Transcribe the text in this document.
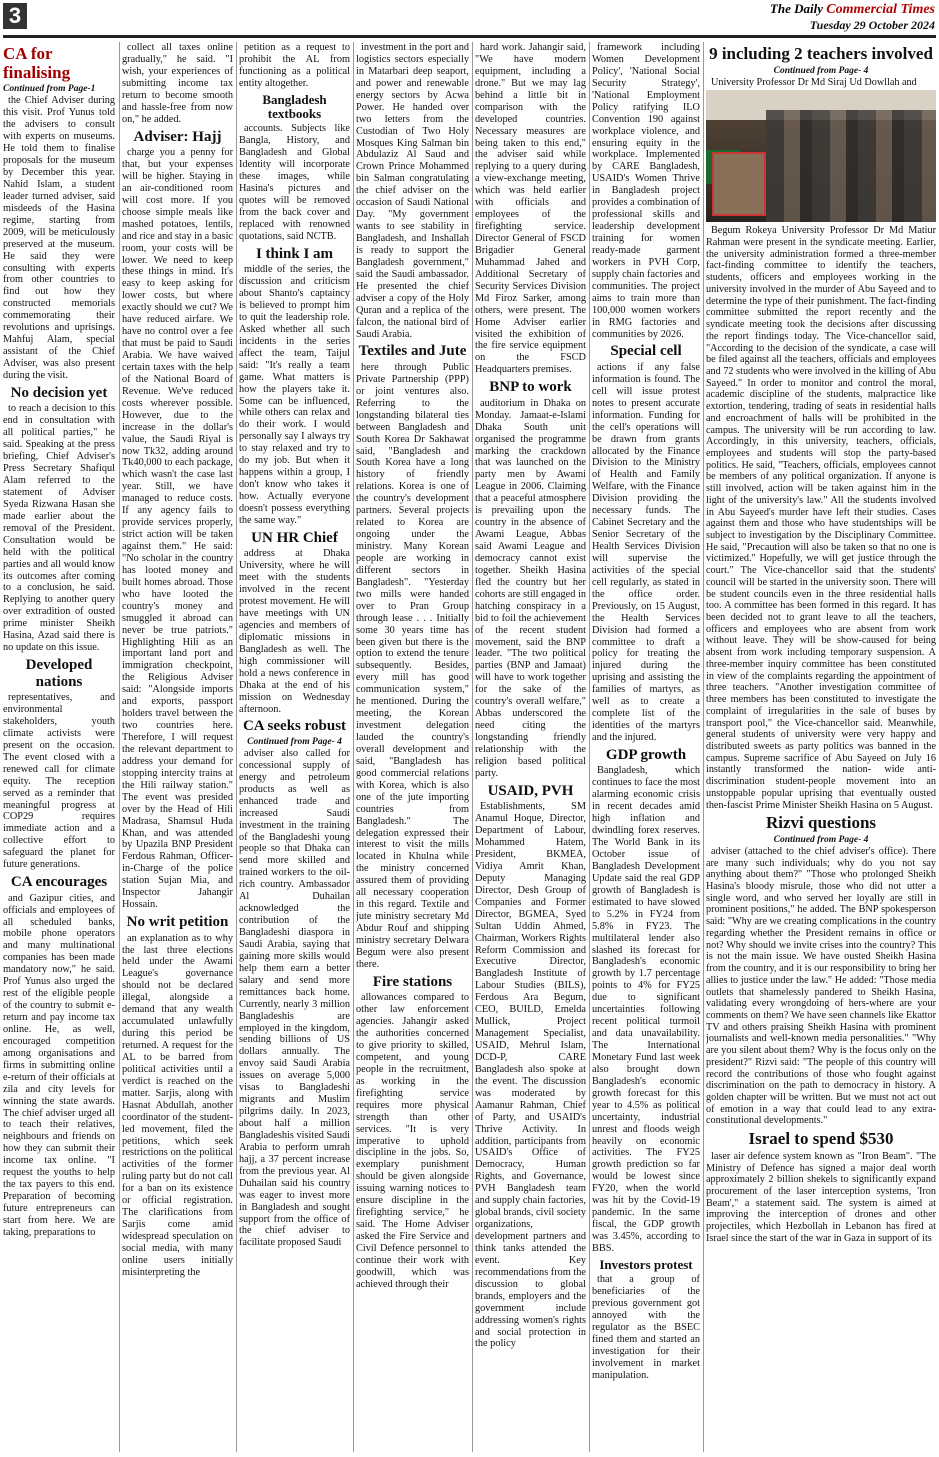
3	The Daily Commercial Times
Tuesday 29 October 2024
CA for finalising
Continued from Page-1

the Chief Adviser during this visit. Prof Yunus told the advisers to consult with experts on museums. He told them to finalise proposals for the museum by December this year. Nahid Islam, a student leader turned adviser, said misdeeds of the Hasina regime, starting from 2009, will be meticulously preserved at the museum. He said they were consulting with experts from other countries to find out how they constructed memorials commemorating their revolutions and uprisings. Mahfuj Alam, special assistant of the Chief Adviser, was also present during the visit.

No decision yet

to reach a decision to this end in consultation with all political parties," he said. Speaking at the press briefing, Chief Adviser's Press Secretary Shafiqul Alam referred to the statement of Adviser Syeda Rizwana Hasan she made earlier about the removal of the President. Consultation would be held with the political parties and all would know its outcomes after coming to a conclusion, he said. Replying to another query over extradition of ousted prime minister Sheikh Hasina, Azad said there is no update on this issue.

Developed nations

representatives, and environmental stakeholders, youth climate activists were present on the occasion. The event closed with a renewed call for climate equity. The reception served as a reminder that meaningful progress at COP29 requires immediate action and a collective effort to safeguard the planet for future generations.

CA encourages

and Gazipur cities, and officials and employees of all scheduled banks, mobile phone operators and many multinational companies has been made mandatory now," he said. Prof Yunus also urged the rest of the eligible people of the country to submit e-return and pay income tax online. He, as well, encouraged competition among organisations and firms in submitting online e-return of their officials at zila and city levels for winning the state awards. The chief adviser urged all to teach their relatives, neighbours and friends on how they can submit their income tax online. "I request the youths to help the tax payers to this end. Preparation of becoming future entrepreneurs can start from here. We are taking, preparations to

collect all taxes online gradually," he said. "I wish, your experiences of submitting income tax return to become smooth and hassle-free from now on," he added.

Adviser: Hajj

charge you a penny for that, but your expenses will be higher. Staying in an air-conditioned room will cost more. If you choose simple meals like mashed potatoes, lentils, and rice and stay in a basic room, your costs will be lower. We need to keep these things in mind. It's easy to keep asking for lower costs, but where exactly should we cut? We have reduced airfare. We have no control over a fee that must be paid to Saudi Arabia. We have waived certain taxes with the help of the National Board of Revenue. We've reduced costs wherever possible. However, due to the increase in the dollar's value, the Saudi Riyal is now Tk32, adding around Tk40,000 to each package, which wasn't the case last year. Still, we have managed to reduce costs. If any agency fails to provide services properly, strict action will be taken against them." He said: "No scholar in the country has looted money and built homes abroad. Those who have looted the country's money and smuggled it abroad can never be true patriots." Highlighting Hili as an important land port and immigration checkpoint, the Religious Adviser said: "Alongside imports and exports, passport holders travel between the two countries here. Therefore, I will request the relevant department to address your demand for stopping intercity trains at the Hili railway station." The event was presided over by the Head of Hili Madrasa, Shamsul Huda Khan, and was attended by Upazila BNP President Ferdous Rahman, Officer-in-Charge of the police station Sujan Mia, and Inspector Jahangir Hossain.

No writ petition

an explanation as to why the last three elections held under the Awami League's governance should not be declared illegal, alongside a demand that any wealth accumulated unlawfully during this period be returned. A request for the AL to be barred from political activities until a verdict is reached on the matter. Sarjis, along with Hasnat Abdullah, another coordinator of the student-led movement, filed the petitions, which seek restrictions on the political activities of the former ruling party but do not call for a ban on its existence or official registration. The clarifications from Sarjis come amid widespread speculation on social media, with many online users initially misinterpreting the

petition as a request to prohibit the AL from functioning as a political entity altogether.

Bangladesh textbooks

accounts. Subjects like Bangla, History, and Bangladesh and Global Identity will incorporate these images, while Hasina's pictures and quotes will be removed from the back cover and replaced with renowned quotations, said NCTB.

I think I am

middle of the series, the discussion and criticism about Shanto's captaincy is believed to prompt him to quit the leadership role. Asked whether all such incidents in the series affect the team, Taijul said: "It's really a team game. What matters is how the players take it. Some can be influenced, while others can relax and do their work. I would personally say I always try to stay relaxed and try to do my job. But when it happens within a group, I don't know who takes it how. Actually everyone doesn't possess everything the same way."

UN HR Chief

address at Dhaka University, where he will meet with the students involved in the recent protest movement. He will have meetings with UN agencies and members of diplomatic missions in Bangladesh as well. The high commissioner will hold a news conference in Dhaka at the end of his mission on Wednesday afternoon.

CA seeks robust
Continued from Page- 4

adviser also called for concessional supply of energy and petroleum products as well as enhanced trade and increased Saudi investment in the training of the Bangladeshi young people so that Dhaka can send more skilled and trained workers to the oil-rich country. Ambassador Al Duhailan acknowledged the contribution of the Bangladeshi diaspora in Saudi Arabia, saying that gaining more skills would help them earn a better salary and send more remittances back home. Currently, nearly 3 million Bangladeshis are employed in the kingdom, sending billions of US dollars annually. The envoy said Saudi Arabia issues on average 5,000 visas to Bangladeshi migrants and Muslim pilgrims daily. In 2023, about half a million Bangladeshis visited Saudi Arabia to perform umrah hajj, a 37 percent increase from the previous year. Al Duhailan said his country was eager to invest more in Bangladesh and sought support from the office of the chief adviser to facilitate proposed Saudi

investment in the port and logistics sectors especially in Matarbari deep seaport, and power and renewable energy sectors by Acwa Power. He handed over two letters from the Custodian of Two Holy Mosques King Salman bin Abdulaziz Al Saud and Crown Prince Mohammed bin Salman congratulating the chief adviser on the occasion of Saudi National Day. "My government wants to see stability in Bangladesh, and Inshallah is ready to support the Bangladesh government," said the Saudi ambassador. He presented the chief adviser a copy of the Holy Quran and a replica of the falcon, the national bird of Saudi Arabia.

Textiles and Jute

here through Public Private Partnership (PPP) or joint ventures also. Referring to the longstanding bilateral ties between Bangladesh and South Korea Dr Sakhawat said, "Bangladesh and South Korea have a long history of friendly relations. Korea is one of the country's development partners. Several projects related to Korea are ongoing under the ministry. Many Korean people are working in different sectors in Bangladesh". "Yesterday two mills were handed over to Pran Group through lease . . . Initially some 30 years time has been given but there is the option to extend the tenure subsequently. Besides, every mill has good communication system," he mentioned. During the meeting, the Korean investment delegation lauded the country's overall development and said, "Bangladesh has good commercial relations with Korea, which is also one of the jute importing countries from Bangladesh." The delegation expressed their interest to visit the mills located in Khulna while the ministry concerned assured them of providing all necessary cooperation in this regard. Textile and jute ministry secretary Md Abdur Rouf and shipping ministry secretary Delwara Begum were also present there.

Fire stations

allowances compared to other law enforcement agencies. Jahangir asked the authorities concerned to give priority to skilled, competent, and young people in the recruitment, as working in the firefighting service requires more physical strength than other services. "It is very imperative to uphold discipline in the jobs. So, exemplary punishment should be given alongside issuing warning notices to ensure discipline in the firefighting service," he said. The Home Adviser asked the Fire Service and Civil Defence personnel to continue their work with goodwill, which was achieved through their

hard work. Jahangir said, "We have modern equipment, including a drone." But we may lag behind a little bit in comparison with the developed countries. Necessary measures are being taken to this end," the adviser said while replying to a query during a view-exchange meeting, which was held earlier with officials and employees of the firefighting service. Director General of FSCD Brigadier General Muhammad Jahed and Additional Secretary of Security Services Division Md Firoz Sarker, among others, were present. The Home Adviser earlier visited the exhibition of the fire service equipment on the FSCD Headquarters premises.

BNP to work

auditorium in Dhaka on Monday. Jamaat-e-Islami Dhaka South unit organised the programme marking the crackdown that was launched on the party men by Awami League in 2006. Claiming that a peaceful atmosphere is prevailing upon the country in the absence of Awami League, Abbas said Awami League and democracy cannot exist together. Sheikh Hasina fled the country but her cohorts are still engaged in hatching conspiracy in a bid to foil the achievement of the recent student movement, said the BNP leader. "The two political parties (BNP and Jamaat) will have to work together for the sake of the country's overall welfare," Abbas underscored the need citing the longstanding friendly relationship with the religion based political party.

USAID, PVH

Establishments, SM Anamul Hoque, Director, Department of Labour, Mohammed Hatem, President, BKMEA, Vidiya Amrit Khan, Deputy Managing Director, Desh Group of Companies and Former Director, BGMEA, Syed Sultan Uddin Ahmed, Chairman, Workers Rights Reform Commission and Executive Director, Bangladesh Institute of Labour Studies (BILS), Ferdous Ara Begum, CEO, BUILD, Emelda Mullick, Project Management Specialist, USAID, Mehrul Islam, DCD-P, CARE Bangladesh also spoke at the event. The discussion was moderated by Aamanur Rahman, Chief of Party, and USAID's Thrive Activity. In addition, participants from USAID's Office of Democracy, Human Rights, and Governance, PVH Bangladesh team and supply chain factories, global brands, civil society organizations, development partners and think tanks attended the event. Key recommendations from the discussion to global brands, employers and the government include addressing women's rights and social protection in the policy

framework including Women Development Policy', 'National Social Security Strategy', 'National Employment Policy ratifying ILO Convention 190 against workplace violence, and ensuring equity in the workplace. Implemented by CARE Bangladesh, USAID's Women Thrive in Bangladesh project provides a combination of professional skills and leadership development training for women ready-made garment workers in PVH Corp, supply chain factories and communities. The project aims to train more than 100,000 women workers in RMG factories and communities by 2026.

Special cell

actions if any false information is found. The cell will issue protest notes to present accurate information. Funding for the cell's operations will be drawn from grants allocated by the Finance Division to the Ministry of Health and Family Welfare, with the Finance Division providing the necessary funds. The Cabinet Secretary and the Senior Secretary of the Health Services Division will supervise the activities of the special cell regularly, as stated in the office order. Previously, on 15 August, the Health Services Division had formed a committee to draft a policy for treating the injured during the uprising and assisting the families of martyrs, as well as to create a complete list of the identities of the martyrs and the injured.

GDP growth

Bangladesh, which continues to face the most alarming economic crisis in recent decades amid high inflation and dwindling forex reserves. The World Bank in its October issue of Bangladesh Development Update said the real GDP growth of Bangladesh is estimated to have slowed to 5.2% in FY24 from 5.8% in FY23. The multilateral lender also slashed its forecast for Bangladesh's economic growth by 1.7 percentage points to 4% for FY25 due to significant uncertainties following recent political turmoil and data unavailability. The International Monetary Fund last week also brought down Bangladesh's economic growth forecast for this year to 4.5% as political uncertainty, industrial unrest and floods weigh heavily on economic activities. The FY25 growth prediction so far would be lowest since FY20, when the world was hit by the Covid-19 pandemic. In the same fiscal, the GDP growth was 3.45%, according to BBS.

Investors protest

that a group of beneficiaries of the previous government got annoyed with the regulator as the BSEC fined them and started an investigation for their involvement in market manipulation.

9 including 2 teachers involved
Continued from Page- 4

University Professor Dr Md Siraj Ud Dowllah and

Begum Rokeya University Professor Dr Md Matiur Rahman were present in the syndicate meeting. Earlier, the university administration formed a three-member fact-finding committee to identify the teachers, students, officers and employees working in the university involved in the murder of Abu Sayeed and to determine the type of their punishment. The fact-finding committee submitted the report recently and the syndicate meeting took the decisions after discussing the report findings today. The Vice-chancellor said, "According to the decision of the syndicate, a case will be filed against all the teachers, officials and employees and 72 students who were involved in the killing of Abu Sayeed." In order to monitor and control the moral, academic discipline of the students, malpractice like extortion, tendering, trading of seats in residential halls and encroachment of halls will be prohibited in the campus. The university will be run according to law. Accordingly, in this university, teachers, officials, employees and students will stop the party-based politics. He said, "Teachers, officials, employees cannot be members of any political organization. If anyone is still involved, action will be taken against him in the light of the university's law." All the students involved in Abu Sayeed's murder have left their studies. Cases against them and those who have studentships will be subject to investigation by the Disciplinary Committee. He said, "Precaution will also be taken so that no one is victimized." Hopefully, we will get justice through the court." The Vice-chancellor said that the students' council will be started in the university soon. There will be student councils even in the three residential halls too. A committee has been formed in this regard. It has been decided not to grant leave to all the teachers, officers and employees who are absent from work without leave. They will be show-caused for being absent from work including temporary suspension. A three-member inquiry committee has been constituted in view of the complaints regarding the appointment of three teachers. "Another investigation committee of three members has been constituted to investigate the complaint of irregularities in the sale of buses by transport pool," the Vice-chancellor said. Meanwhile, general students of university were very happy and distributed sweets as party politics was banned in the campus. Supreme sacrifice of Abu Sayeed on July 16 instantly transformed the nation- wide anti-discrimination student-people movement into an unstoppable popular uprising that eventually ousted then-fascist Prime Minister Sheikh Hasina on 5 August.

Rizvi questions
Continued from Page- 4

adviser (attached to the chief adviser's office). There are many such individuals; why do you not say anything about them?" "Those who prolonged Sheikh Hasina's bloody misrule, those who did not utter a single word, and who served her loyally are still in prominent positions," he added. The BNP spokesperson said: "Why are we creating complications in the country regarding whether the President remains in office or not? Why should we invite crises into the country? This is not the main issue. We have ousted Sheikh Hasina from the country, and it is our responsibility to bring her allies to justice under the law." He added: "Those media outlets that shamelessly pandered to Sheikh Hasina, validating every wrongdoing of hers-where are your comments on them? We have seen channels like Ekattor TV and others praising Sheikh Hasina with prominent journalists and well-known media personalities." "Why are you silent about them? Why is the focus only on the president?" Rizvi said: "The people of this country will record the contributions of those who fought against discrimination on the path to democracy in history. A golden chapter will be written. But we must not act out of emotion in a way that could lead to any extra-constitutional developments."

Israel to spend $530

laser air defence system known as "Iron Beam". "The Ministry of Defence has signed a major deal worth approximately 2 billion shekels to significantly expand procurement of the laser interception systems, 'Iron Beam'," a statement said. The system is aimed at improving the interception of drones and other projectiles, which Hezbollah in Lebanon has fired at Israel since the start of the war in Gaza in support of its
